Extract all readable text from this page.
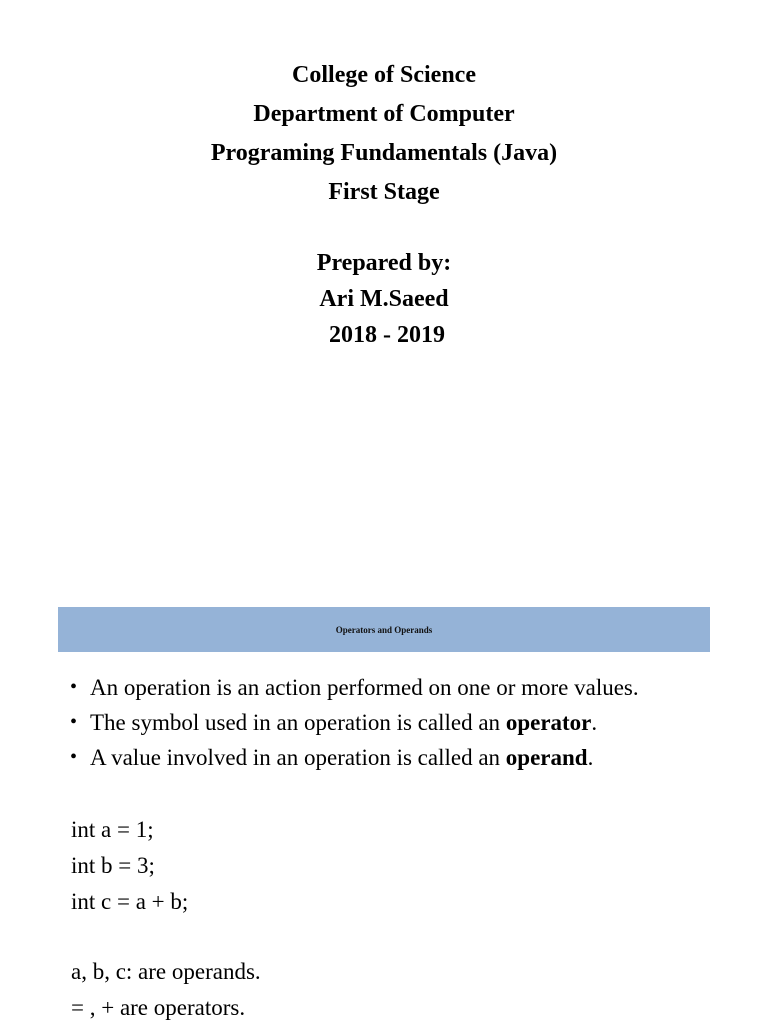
College of Science
Department of Computer
Programing Fundamentals (Java)
First Stage
Prepared by:
Ari M.Saeed
2018 - 2019
Operators and Operands
• An operation is an action performed on one or more values.
• The symbol used in an operation is called an operator.
• A value involved in an operation is called an operand.
int a = 1;
int b = 3;
int c = a + b;
a, b, c: are operands.
= , + are operators.
